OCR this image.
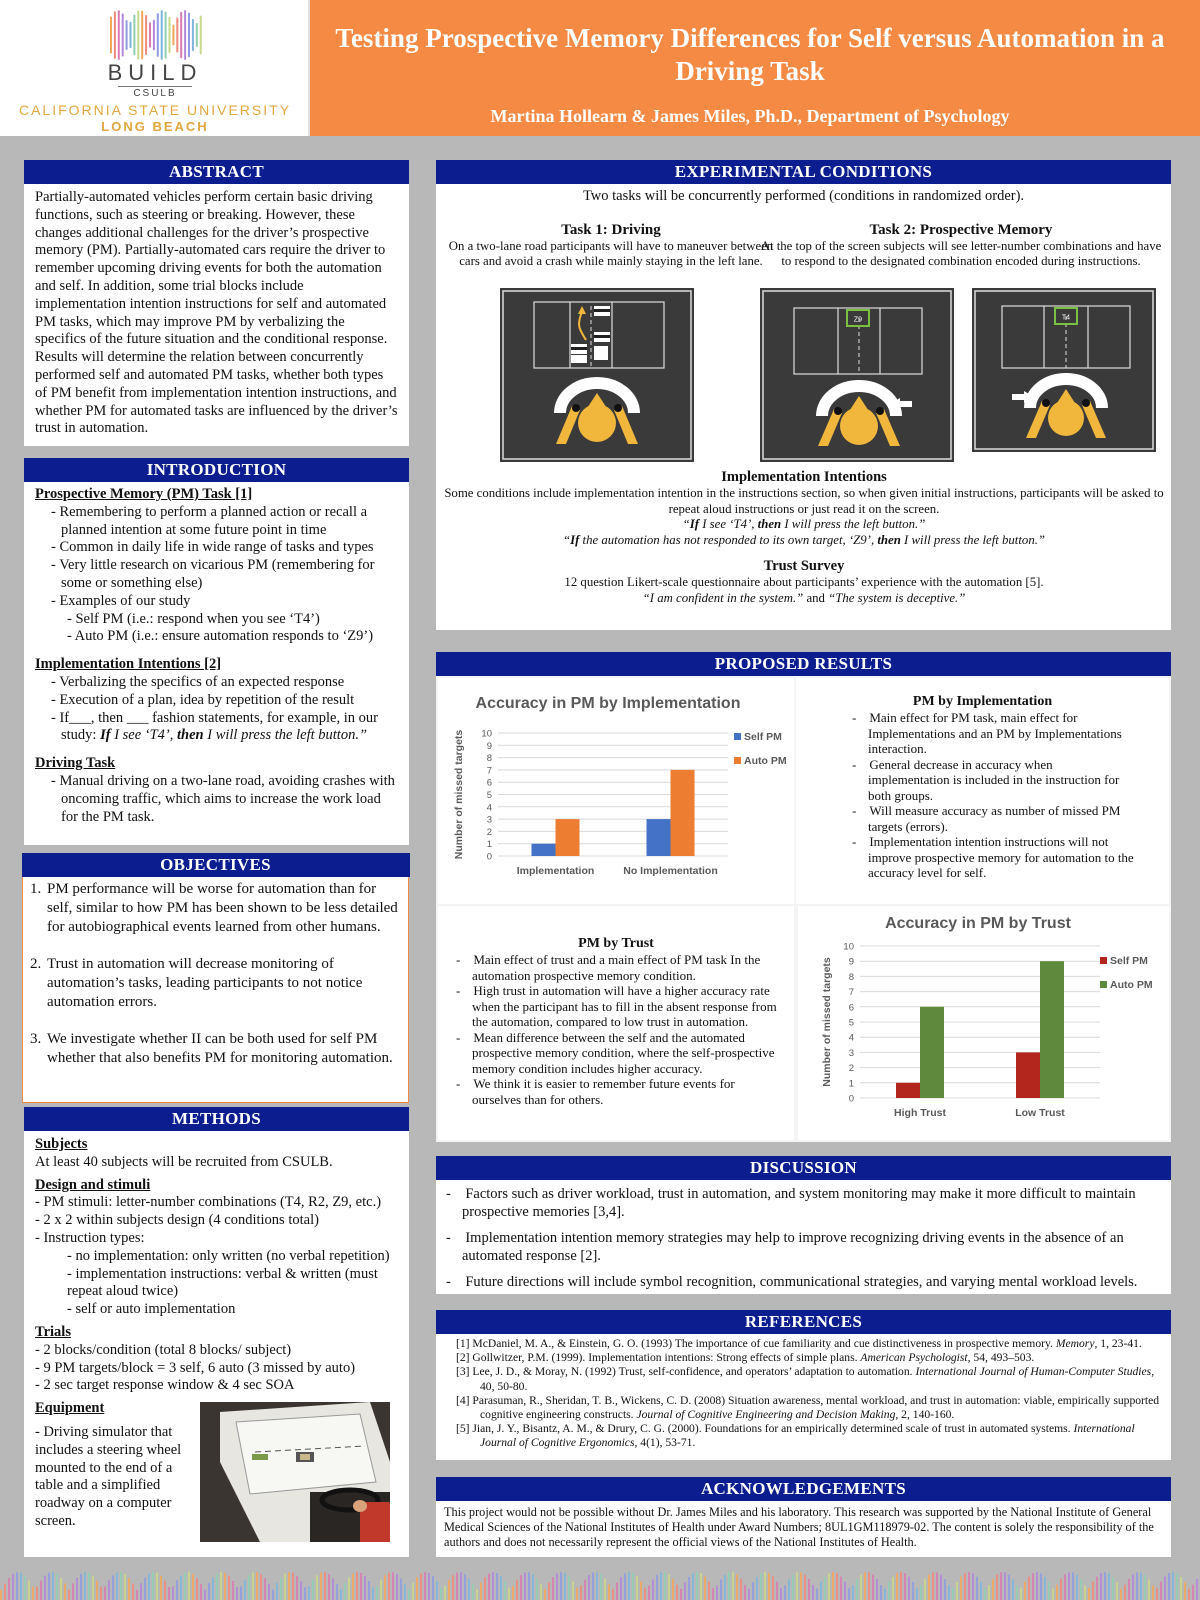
BUILD
CSULB
CALIFORNIA STATE UNIVERSITY
LONG BEACH
Testing Prospective Memory Differences for Self versus Automation in a Driving Task
Martina Hollearn & James Miles, Ph.D., Department of Psychology
ABSTRACT
Partially-automated vehicles perform certain basic driving functions, such as steering or breaking. However, these changes additional challenges for the driver’s prospective memory (PM). Partially-automated cars require the driver to remember upcoming driving events for both the automation and self. In addition, some trial blocks include implementation intention instructions for self and automated PM tasks, which may improve PM by verbalizing the specifics of the future situation and the conditional response. Results will determine the relation between concurrently performed self and automated PM tasks, whether both types of PM benefit from implementation intention instructions, and whether PM for automated tasks are influenced by the driver’s trust in automation.
INTRODUCTION
Prospective Memory (PM) Task [1]
- Remembering to perform a planned action or recall a planned intention at some future point in time
- Common in daily life in wide range of tasks and types
- Very little research on vicarious PM (remembering for some or something else)
- Examples of our study
- Self PM (i.e.: respond when you see ‘T4’)
- Auto PM (i.e.: ensure automation responds to ‘Z9’)
Implementation Intentions [2]
- Verbalizing the specifics of an expected response
- Execution of a plan, idea by repetition of the result
- If___, then ___ fashion statements, for example, in our study: If I see ‘T4’, then I will press the left button.”
Driving Task
- Manual driving on a two-lane road, avoiding crashes with oncoming traffic, which aims to increase the work load for the PM task.
OBJECTIVES
1. PM performance will be worse for automation than for self, similar to how PM has been shown to be less detailed for autobiographical events learned from other humans.
2. Trust in automation will decrease monitoring of automation’s tasks, leading participants to not notice automation errors.
3. We investigate whether II can be both used for self PM whether that also benefits PM for monitoring automation.
METHODS
Subjects
At least 40 subjects will be recruited from CSULB.
Design and stimuli
- PM stimuli: letter-number combinations (T4, R2, Z9, etc.)
- 2 x 2 within subjects design (4 conditions total)
- Instruction types:
- no implementation: only written (no verbal repetition)
- implementation instructions: verbal & written (must repeat aloud twice)
- self or auto implementation
Trials
- 2 blocks/condition (total 8 blocks/ subject)
- 9 PM targets/block = 3 self, 6 auto (3 missed by auto)
- 2 sec target response window & 4 sec SOA
Equipment
- Driving simulator that includes a steering wheel mounted to the end of a table and a simplified roadway on a computer screen.
EXPERIMENTAL CONDITIONS
Two tasks will be concurrently performed (conditions in randomized order).
Task 1: Driving
On a two-lane road participants will have to maneuver between cars and avoid a crash while mainly staying in the left lane.
Task 2: Prospective Memory
At the top of the screen subjects will see letter-number combinations and have to respond to the designated combination encoded during instructions.
Z9	T4
Implementation Intentions
Some conditions include implementation intention in the instructions section, so when given initial instructions, participants will be asked to repeat aloud instructions or just read it on the screen.
“If I see ‘T4’, then I will press the left button.”
“If the automation has not responded to its own target, ‘Z9’, then I will press the left button.”
Trust Survey
12 question Likert-scale questionnaire about participants’ experience with the automation [5].
“I am confident in the system.” and “The system is deceptive.”
PROPOSED RESULTS
Accuracy in PM by Implementation
0
1
2
3
4
5
6
7
8
9
10
Number of missed targets
Implementation	No Implementation
Self PM
Auto PM
PM by Implementation
-    Main effect for PM task, main effect for Implementations and an PM by Implementations interaction.
-    General decrease in accuracy when implementation is included in the instruction for both groups.
-    Will measure accuracy as number of missed PM targets (errors).
-    Implementation intention instructions will not improve prospective memory for automation to the accuracy level for self.
PM by Trust
-    Main effect of trust and a main effect of PM task In the automation prospective memory condition.
-    High trust in automation will have a higher accuracy rate when the participant has to fill in the absent response from the automation, compared to low trust in automation.
-    Mean difference between the self and the automated prospective memory condition, where the self-prospective memory condition includes higher accuracy.
-    We think it is easier to remember future events for ourselves than for others.
Accuracy in PM by Trust
0
1
2
3
4
5
6
7
8
9
10
Number of missed targets
High Trust	Low Trust
Self PM
Auto PM
DISCUSSION
-    Factors such as driver workload, trust in automation, and system monitoring may make it more difficult to maintain prospective memories [3,4].
-    Implementation intention memory strategies may help to improve recognizing driving events in the absence of an automated response [2].
-    Future directions will include symbol recognition, communicational strategies, and varying mental workload levels.
REFERENCES
[1] McDaniel, M. A., & Einstein, G. O. (1993) The importance of cue familiarity and cue distinctiveness in prospective memory. Memory, 1, 23-41.
[2] Gollwitzer, P.M. (1999). Implementation intentions: Strong effects of simple plans. American Psychologist, 54, 493–503.
[3] Lee, J. D., & Moray, N. (1992) Trust, self-confidence, and operators’ adaptation to automation. International Journal of Human-Computer Studies, 40, 50-80.
[4] Parasuman, R., Sheridan, T. B., Wickens, C. D. (2008) Situation awareness, mental workload, and trust in automation: viable, empirically supported cognitive engineering constructs. Journal of Cognitive Engineering and Decision Making, 2, 140-160.
[5] Jian, J. Y., Bisantz, A. M., & Drury, C. G. (2000). Foundations for an empirically determined scale of trust in automated systems. International Journal of Cognitive Ergonomics, 4(1), 53-71.
ACKNOWLEDGEMENTS
This project would not be possible without Dr. James Miles and his laboratory. This research was supported by the National Institute of General Medical Sciences of the National Institutes of Health under Award Numbers; 8UL1GM118979-02. The content is solely the responsibility of the authors and does not necessarily represent the official views of the National Institutes of Health.
